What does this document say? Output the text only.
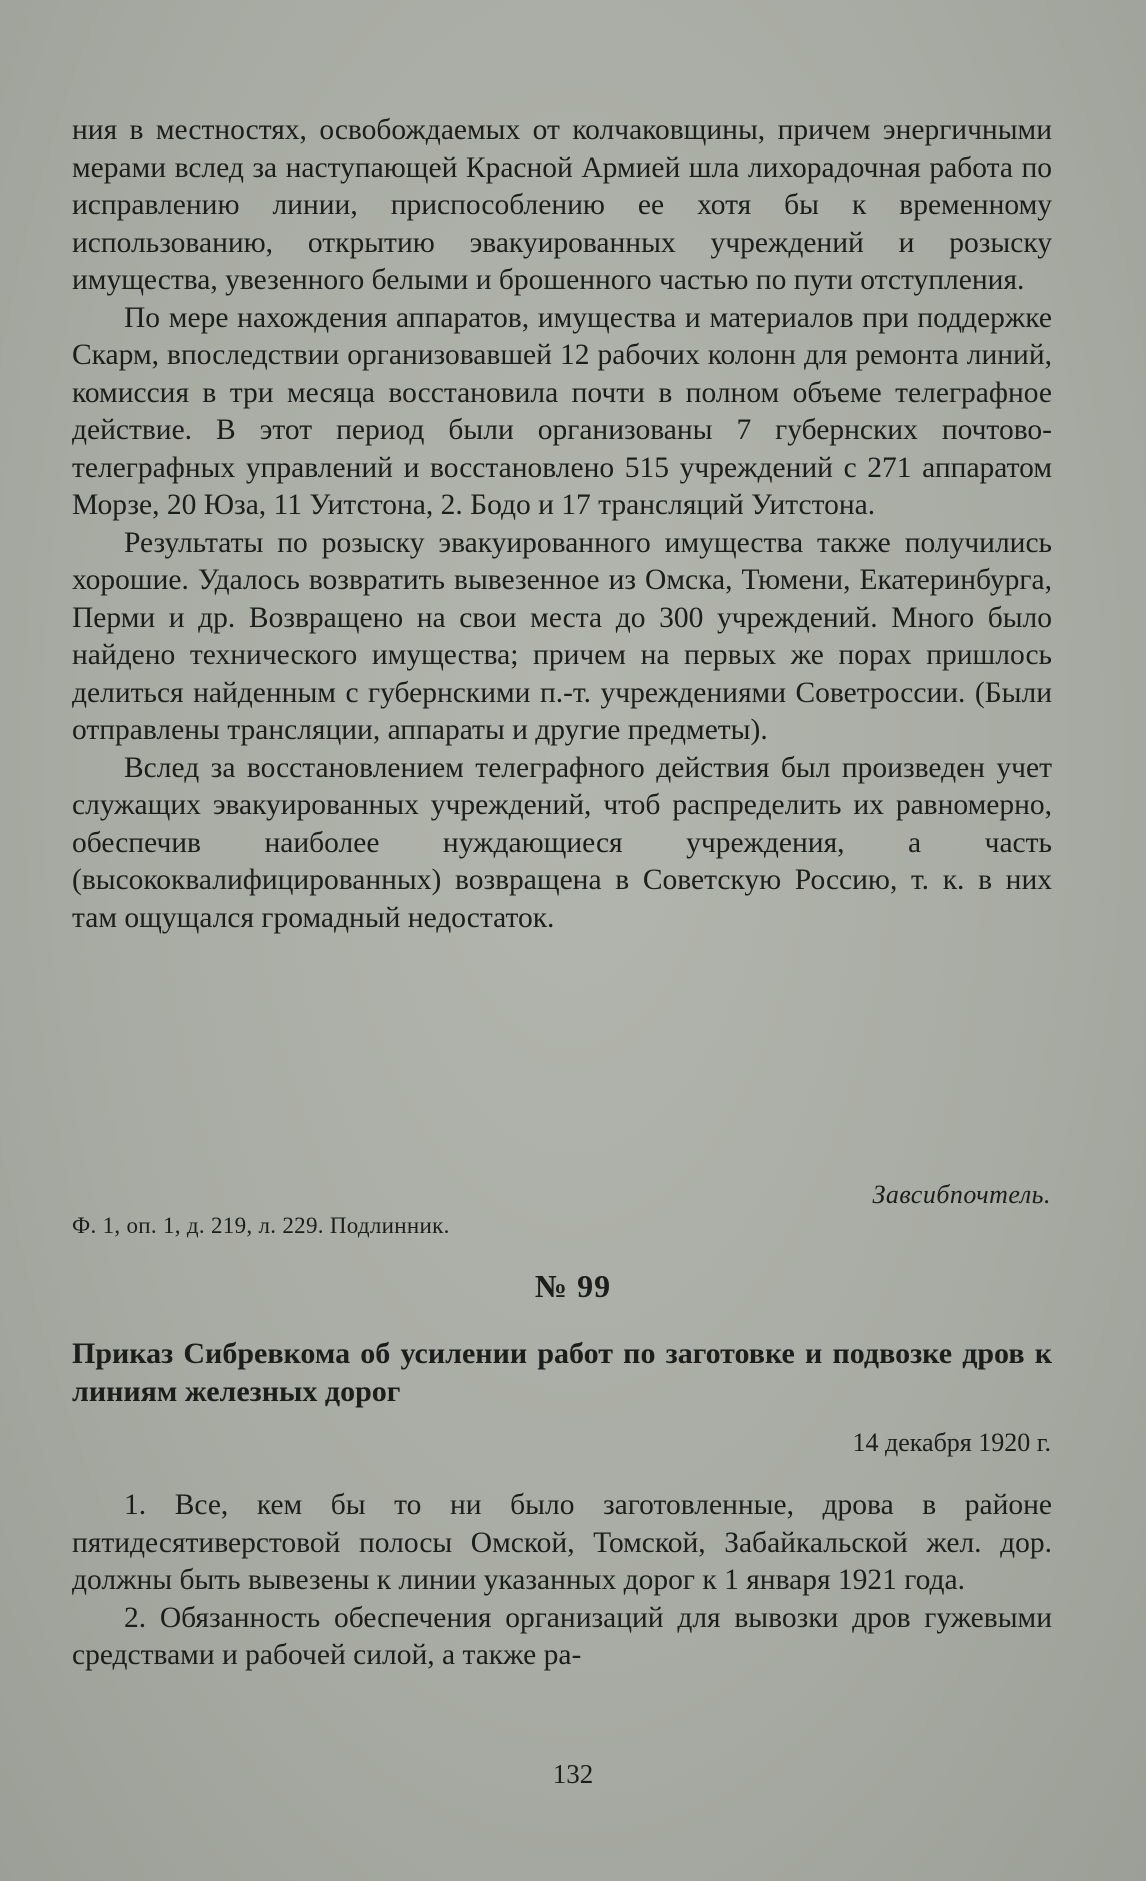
ния в местностях, освобождаемых от колчаковщины, причем энергичными мерами вслед за наступающей Красной Армией шла лихорадочная работа по исправлению линии, приспособлению ее хотя бы к временному использованию, открытию эвакуированных учреждений и розыску имущества, увезенного белыми и брошенного частью по пути отступления.

По мере нахождения аппаратов, имущества и материалов при поддержке Скарм, впоследствии организовавшей 12 рабочих колонн для ремонта линий, комиссия в три месяца восстановила почти в полном объеме телеграфное действие. В этот период были организованы 7 губернских почтово-телеграфных управлений и восстановлено 515 учреждений с 271 аппаратом Морзе, 20 Юза, 11 Уитстона, 2. Бодо и 17 трансляций Уитстона.

Результаты по розыску эвакуированного имущества также получились хорошие. Удалось возвратить вывезенное из Омска, Тюмени, Екатеринбурга, Перми и др. Возвращено на свои места до 300 учреждений. Много было найдено технического имущества; причем на первых же порах пришлось делиться найденным с губернскими п.-т. учреждениями Советроссии. (Были отправлены трансляции, аппараты и другие предметы).

Вслед за восстановлением телеграфного действия был произведен учет служащих эвакуированных учреждений, чтоб распределить их равномерно, обеспечив наиболее нуждающиеся учреждения, а часть (высококвалифицированных) возвращена в Советскую Россию, т. к. в них там ощущался громадный недостаток.

Завсибпочтель.
Ф. 1, оп. 1, д. 219, л. 229. Подлинник.
№ 99
Приказ Сибревкома об усилении работ по заготовке и подвозке дров к линиям железных дорог
14 декабря 1920 г.

1. Все, кем бы то ни было заготовленные, дрова в районе пятидесятиверстовой полосы Омской, Томской, Забайкальской жел. дор. должны быть вывезены к линии указанных дорог к 1 января 1921 года.

2. Обязанность обеспечения организаций для вывозки дров гужевыми средствами и рабочей силой, а также ра-

132
